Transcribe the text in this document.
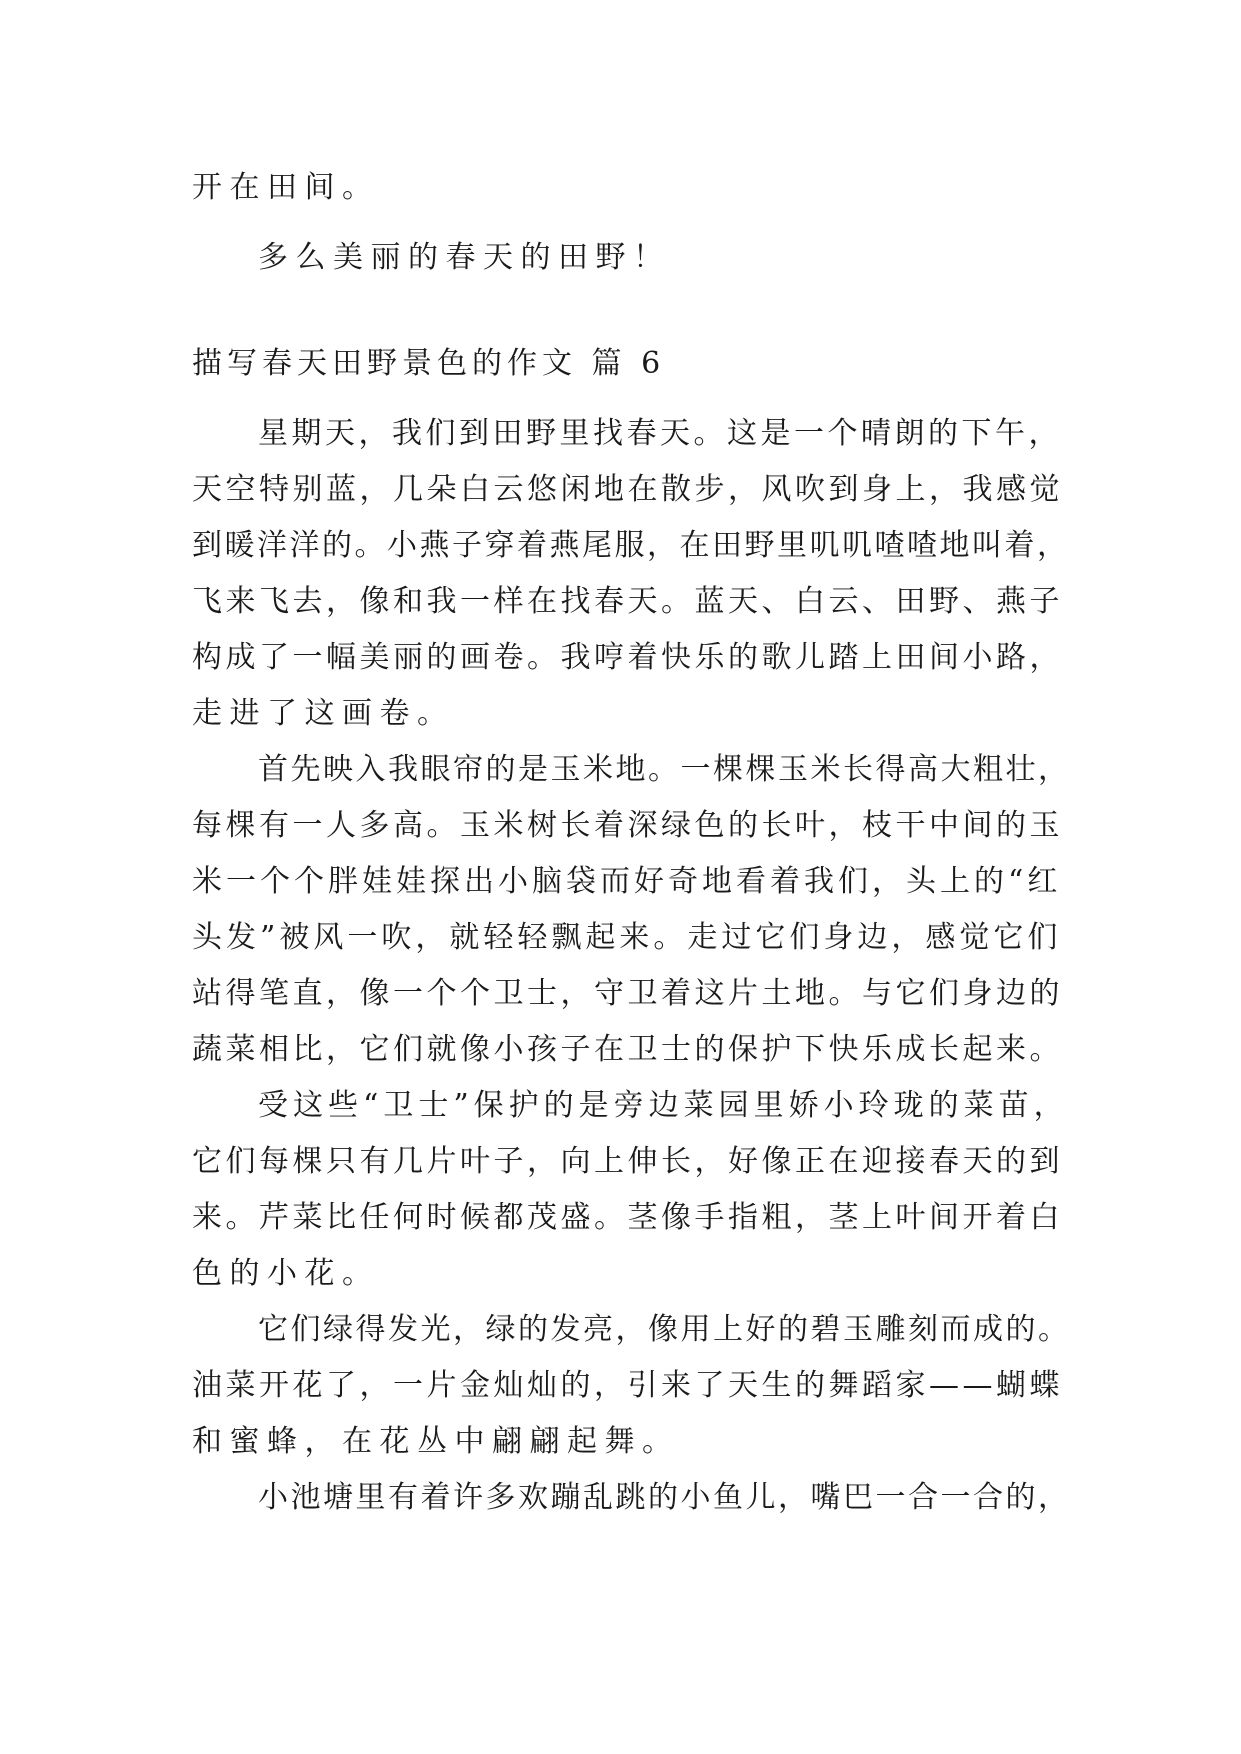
开在田间。
多么美丽的春天的田野！
描写春天田野景色的作文 篇 6
星期天，我们到田野里找春天。这是一个晴朗的下午，
天空特别蓝，几朵白云悠闲地在散步，风吹到身上，我感觉
到暖洋洋的。小燕子穿着燕尾服，在田野里叽叽喳喳地叫着，
飞来飞去，像和我一样在找春天。蓝天、白云、田野、燕子
构成了一幅美丽的画卷。我哼着快乐的歌儿踏上田间小路，
走进了这画卷。
首先映入我眼帘的是玉米地。一棵棵玉米长得高大粗壮，
每棵有一人多高。玉米树长着深绿色的长叶，枝干中间的玉
米一个个胖娃娃探出小脑袋而好奇地看着我们，头上的“红
头发”被风一吹，就轻轻飘起来。走过它们身边，感觉它们
站得笔直，像一个个卫士，守卫着这片土地。与它们身边的
蔬菜相比，它们就像小孩子在卫士的保护下快乐成长起来。
受这些“卫士”保护的是旁边菜园里娇小玲珑的菜苗，
它们每棵只有几片叶子，向上伸长，好像正在迎接春天的到
来。芹菜比任何时候都茂盛。茎像手指粗，茎上叶间开着白
色的小花。
它们绿得发光，绿的发亮，像用上好的碧玉雕刻而成的。
油菜开花了，一片金灿灿的，引来了天生的舞蹈家——蝴蝶
和蜜蜂，在花丛中翩翩起舞。
小池塘里有着许多欢蹦乱跳的小鱼儿，嘴巴一合一合的，
